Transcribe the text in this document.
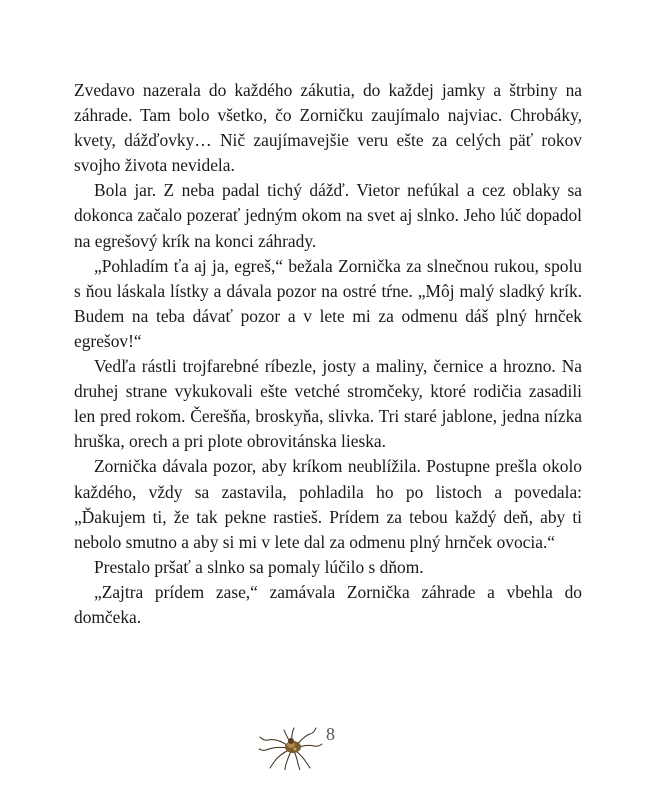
Zvedavo nazerala do každého zákutia, do každej jamky a štrbiny na záhrade. Tam bolo všetko, čo Zorničku zaujímalo najviac. Chrobáky, kvety, dážďovky… Nič zaujímavejšie veru ešte za celých päť rokov svojho života nevidela.

Bola jar. Z neba padal tichý dážď. Vietor nefúkal a cez oblaky sa dokonca začalo pozerať jedným okom na svet aj slnko. Jeho lúč dopadol na egrešový krík na konci záhrady.

„Pohladím ťa aj ja, egreš,“ bežala Zornička za slnečnou rukou, spolu s ňou láskala lístky a dávala pozor na ostré tŕne. „Môj malý sladký krík. Budem na teba dávať pozor a v lete mi za odmenu dáš plný hrnček egrešov!“

Vedľa rástli trojfarebné ríbezle, josty a maliny, černice a hrozno. Na druhej strane vykukovali ešte vetché stromčeky, ktoré rodičia zasadili len pred rokom. Čerešňa, broskyňa, slivka. Tri staré jablone, jedna nízka hruška, orech a pri plote obrovitánska lieska.

Zornička dávala pozor, aby kríkom neublížila. Postupne prešla okolo každého, vždy sa zastavila, pohladila ho po listoch a povedala: „Ďakujem ti, že tak pekne rastieš. Prídem za tebou každý deň, aby ti nebolo smutno a aby si mi v lete dal za odmenu plný hrnček ovocia.“

Prestalo pršať a slnko sa pomaly lúčilo s dňom.

„Zajtra prídem zase,“ zamávala Zornička záhrade a vbehla do domčeka.

8
